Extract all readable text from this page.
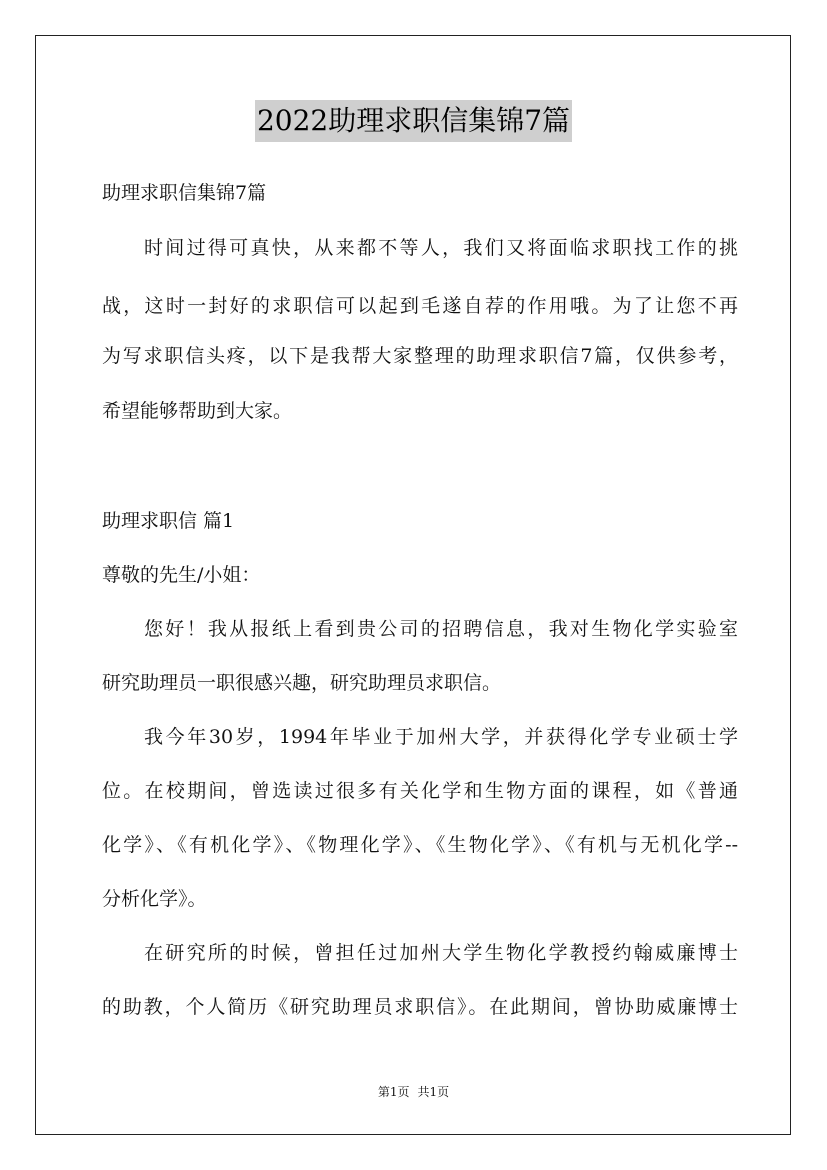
2022助理求职信集锦7篇
助理求职信集锦7篇
时间过得可真快，从来都不等人，我们又将面临求职找工作的挑
战，这时一封好的求职信可以起到毛遂自荐的作用哦。为了让您不再
为写求职信头疼，以下是我帮大家整理的助理求职信7篇，仅供参考，
希望能够帮助到大家。
助理求职信 篇1
尊敬的先生/小姐：
您好！我从报纸上看到贵公司的招聘信息，我对生物化学实验室
研究助理员一职很感兴趣，研究助理员求职信。
我今年30岁，1994年毕业于加州大学，并获得化学专业硕士学
位。在校期间，曾选读过很多有关化学和生物方面的课程，如《普通
化学》、《有机化学》、《物理化学》、《生物化学》、《有机与无机化学--
分析化学》。
在研究所的时候，曾担任过加州大学生物化学教授约翰威廉博士
的助教，个人简历《研究助理员求职信》。在此期间，曾协助威廉博士
第1页 共1页
